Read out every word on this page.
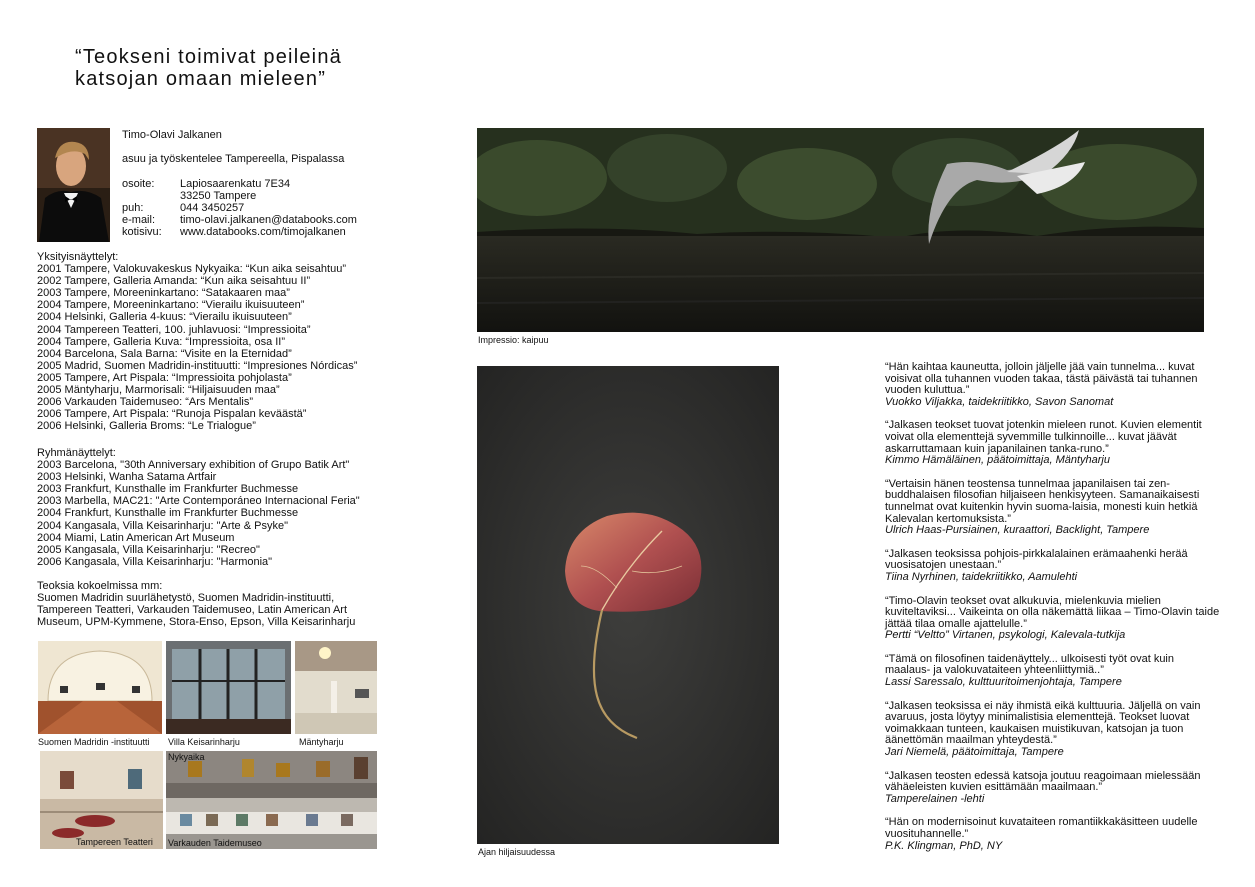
“Teokseni toimivat peileinä
katsojan omaan mieleen”
Timo-Olavi Jalkanen
asuu ja työskentelee Tampereella, Pispalassa
osoite:	Lapiosaarenkatu 7E34
33250 Tampere
puh:	044 3450257
e-mail:	timo-olavi.jalkanen@databooks.com
kotisivu:	www.databooks.com/timojalkanen
Yksityisnäyttelyt:
2001 Tampere, Valokuvakeskus Nykyaika: “Kun aika seisahtuu”
2002 Tampere, Galleria Amanda: “Kun aika seisahtuu II”
2003 Tampere, Moreeninkartano: “Satakaaren maa”
2004 Tampere, Moreeninkartano: “Vierailu ikuisuuteen”
2004 Helsinki, Galleria 4-kuus: “Vierailu ikuisuuteen”
2004 Tampereen Teatteri, 100. juhlavuosi: “Impressioita”
2004 Tampere, Galleria Kuva: “Impressioita, osa II”
2004 Barcelona, Sala Barna: “Visite en la Eternidad”
2005 Madrid, Suomen Madridin-instituutti: “Impresiones Nórdicas”
2005 Tampere, Art Pispala: “Impressioita pohjolasta”
2005 Mäntyharju, Marmorisali: “Hiljaisuuden maa”
2006 Varkauden Taidemuseo: “Ars Mentalis”
2006 Tampere, Art Pispala: “Runoja Pispalan keväästä”
2006 Helsinki, Galleria Broms: “Le Trialogue”
Ryhmänäyttelyt:
2003 Barcelona, "30th Anniversary exhibition of Grupo Batik Art"
2003 Helsinki, Wanha Satama Artfair
2003 Frankfurt, Kunsthalle im Frankfurter Buchmesse
2003 Marbella, MAC21: "Arte Contemporáneo Internacional Feria"
2004 Frankfurt, Kunsthalle im Frankfurter Buchmesse
2004 Kangasala, Villa Keisarinharju: "Arte & Psyke"
2004 Miami, Latin American Art Museum
2005 Kangasala, Villa Keisarinharju: "Recreo"
2006 Kangasala, Villa Keisarinharju: "Harmonia"
Teoksia kokoelmissa mm:
Suomen Madridin suurlähetystö, Suomen Madridin-instituutti,
Tampereen Teatteri, Varkauden Taidemuseo, Latin American Art
Museum, UPM-Kymmene, Stora-Enso, Epson, Villa Keisarinharju
Suomen Madridin -instituutti Villa Keisarinharju	Mäntyharju
Tampereen Teatteri
Nykyaika
Varkauden Taidemuseo
Impressio: kaipuu
Ajan hiljaisuudessa
“Hän kaihtaa kauneutta, jolloin jäljelle jää vain tunnelma... kuvat voisivat olla tuhannen vuoden takaa, tästä päivästä tai tuhannen vuoden kuluttua.”
Vuokko Viljakka, taidekriitikko, Savon Sanomat
“Jalkasen teokset tuovat jotenkin mieleen runot. Kuvien elementit voivat olla elementtejä syvemmille tulkinnoille... kuvat jäävät askarruttamaan kuin japanilainen tanka-runo.”
Kimmo Hämäläinen, päätoimittaja, Mäntyharju
“Vertaisin hänen teostensa tunnelmaa japanilaisen tai zen-buddhalaisen filosofian hiljaiseen henkisyyteen. Samanaikaisesti tunnelmat ovat kuitenkin hyvin suoma-laisia, monesti kuin hetkiä Kalevalan kertomuksista.”
Ulrich Haas-Pursiainen, kuraattori, Backlight, Tampere
“Jalkasen teoksissa pohjois-pirkkalalainen erämaahenki herää vuosisatojen unestaan.”
Tiina Nyrhinen, taidekriitikko, Aamulehti
“Timo-Olavin teokset ovat alkukuvia, mielenkuvia mielien kuviteltaviksi... Vaikeinta on olla näkemättä liikaa – Timo-Olavin taide jättää tilaa omalle ajattelulle.”
Pertti “Veltto” Virtanen, psykologi, Kalevala-tutkija
“Tämä on filosofinen taidenäyttely... ulkoisesti työt ovat kuin maalaus- ja valokuvataiteen yhteenliittymiä..”
Lassi Saressalo, kulttuuritoimenjohtaja, Tampere
“Jalkasen teoksissa ei näy ihmistä eikä kulttuuria. Jäljellä on vain avaruus, josta löytyy minimalistisia elementtejä. Teokset luovat voimakkaan tunteen, kaukaisen muistikuvan, katsojan ja tuon äänettömän maailman yhteydestä.”
Jari Niemelä, päätoimittaja, Tampere
“Jalkasen teosten edessä katsoja joutuu reagoimaan mielessään vähäeleisten kuvien esittämään maailmaan.”
Tamperelainen -lehti
“Hän on modernisoinut kuvataiteen romantiikkakäsitteen uudelle vuosituhannelle.”
P.K. Klingman, PhD, NY
